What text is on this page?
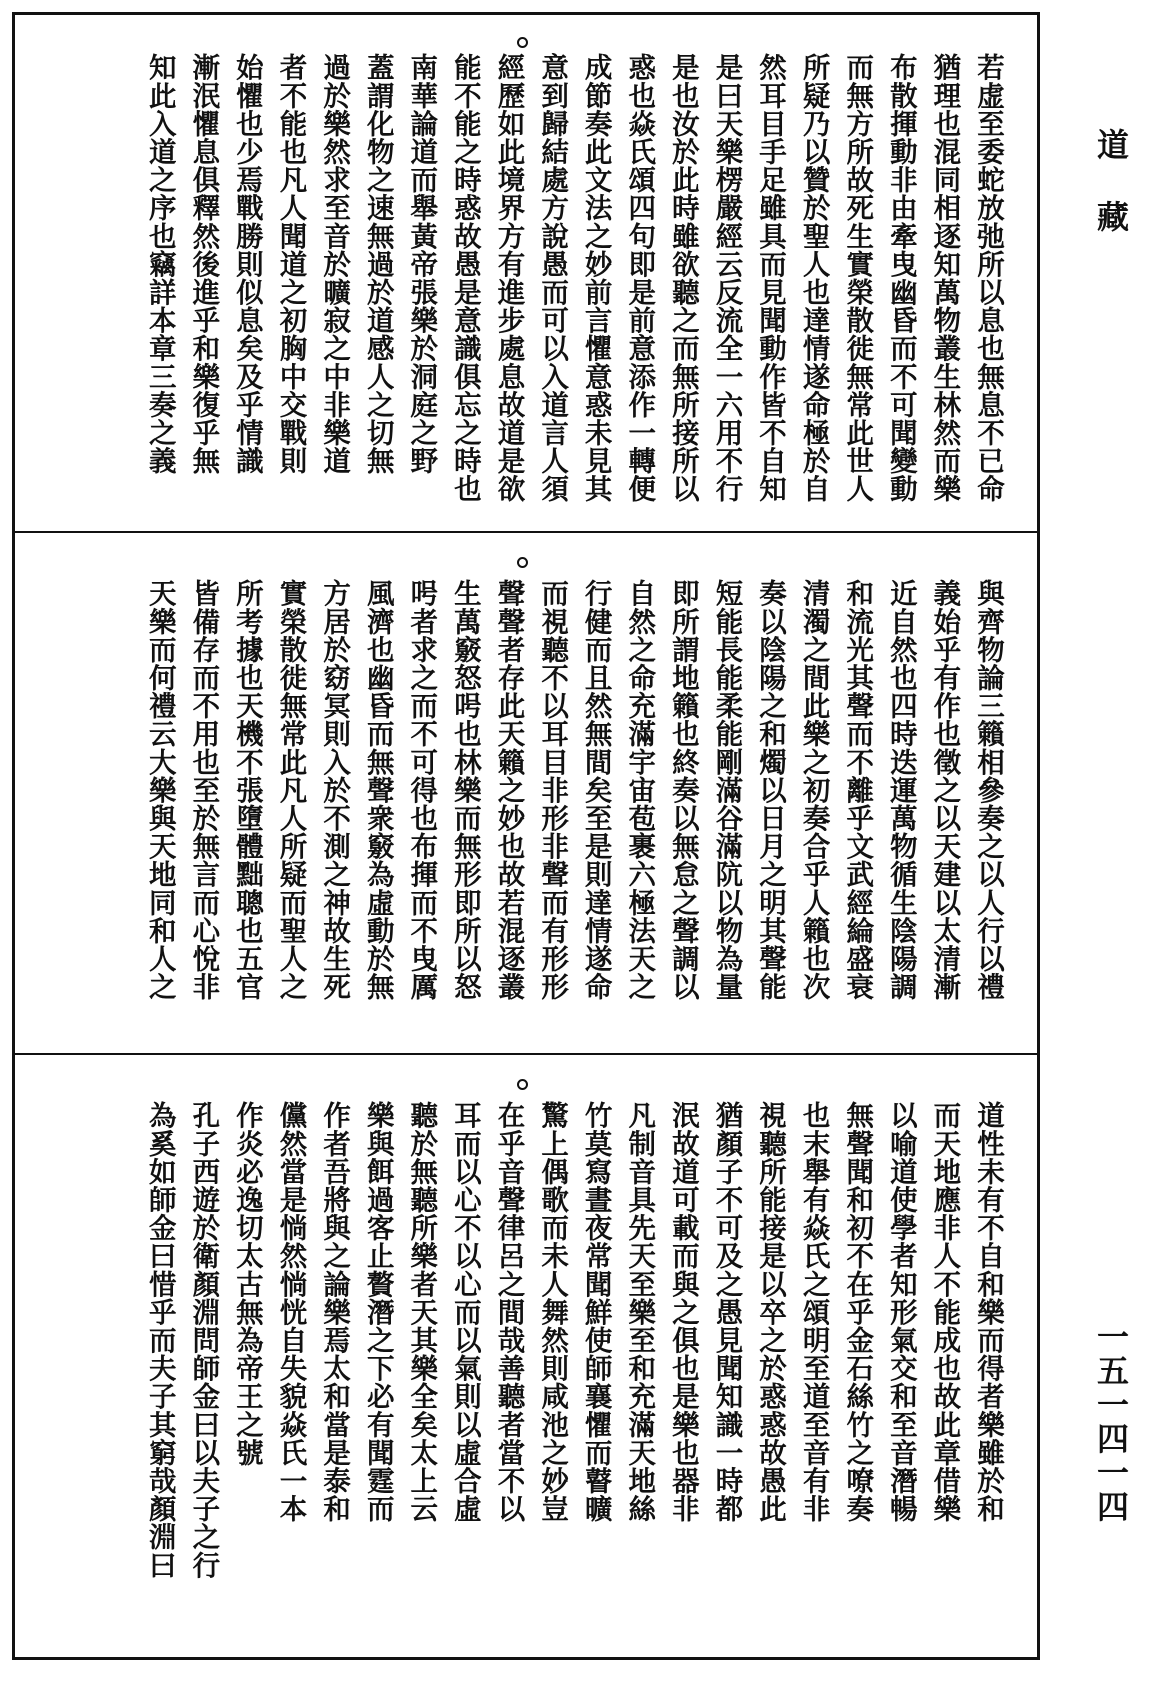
若虚至委蛇放弛所以息也無息不已命
猶理也混同相逐知萬物叢生林然而樂
布散揮動非由牽曳幽昏而不可聞變動
而無方所故死生實榮散徙無常此世人
所疑乃以贊於聖人也達情遂命極於自
然耳目手足雖具而見聞動作皆不自知
是曰天樂楞嚴經云反流全一六用不行
是也汝於此時雖欲聽之而無所接所以
惑也焱氏頌四句即是前意添作一轉便
成節奏此文法之妙前言懼意惑未見其
意到歸結處方說愚而可以入道言人須
經歷如此境界方有進步處息故道是欲
能不能之時惑故愚是意識俱忘之時也
南華論道而舉黃帝張樂於洞庭之野
蓋謂化物之速無過於道感人之切無
過於樂然求至音於曠寂之中非樂道
者不能也凡人聞道之初胸中交戰則
始懼也少焉戰勝則似息矣及乎情識
漸泯懼息俱釋然後進乎和樂復乎無
知此入道之序也竊詳本章三奏之義
與齊物論三籟相參奏之以人行以禮
義始乎有作也徵之以天建以太清漸
近自然也四時迭運萬物循生陰陽調
和流光其聲而不離乎文武經綸盛衰
清濁之間此樂之初奏合乎人籟也次
奏以陰陽之和燭以日月之明其聲能
短能長能柔能剛滿谷滿阬以物為量
即所謂地籟也終奏以無怠之聲調以
自然之命充滿宇宙苞裹六極法天之
行健而且然無間矣至是則達情遂命
而視聽不以耳目非形非聲而有形形
聲聲者存此天籟之妙也故若混逐叢
生萬竅怒呺也林樂而無形即所以怒
呺者求之而不可得也布揮而不曳厲
風濟也幽昏而無聲衆竅為虛動於無
方居於窈冥則入於不測之神故生死
實榮散徙無常此凡人所疑而聖人之
所考據也天機不張墮體黜聰也五官
皆備存而不用也至於無言而心悅非
天樂而何禮云大樂與天地同和人之
道性未有不自和樂而得者樂雖於和
而天地應非人不能成也故此章借樂
以喻道使學者知形氣交和至音潛暢
無聲聞和初不在乎金石絲竹之嘹奏
也末舉有焱氏之頌明至道至音有非
視聽所能接是以卒之於惑惑故愚此
猶顏子不可及之愚見聞知識一時都
泯故道可載而與之俱也是樂也器非
凡制音具先天至樂至和充滿天地絲
竹莫寫晝夜常聞鮮使師襄懼而瞽曠
驚上偶歌而未人舞然則咸池之妙豈
在乎音聲律呂之間哉善聽者當不以
耳而以心不以心而以氣則以虛合虛
聽於無聽所樂者天其樂全矣太上云
樂與餌過客止贅潛之下必有聞霆而
作者吾將與之論樂焉太和當是泰和
儻然當是惝然惝恍自失貌焱氏一本
作炎必逸切太古無為帝王之號
孔子西遊於衛顏淵問師金曰以夫子之行
為奚如師金曰惜乎而夫子其窮哉顏淵曰
道藏
一五一四一四
